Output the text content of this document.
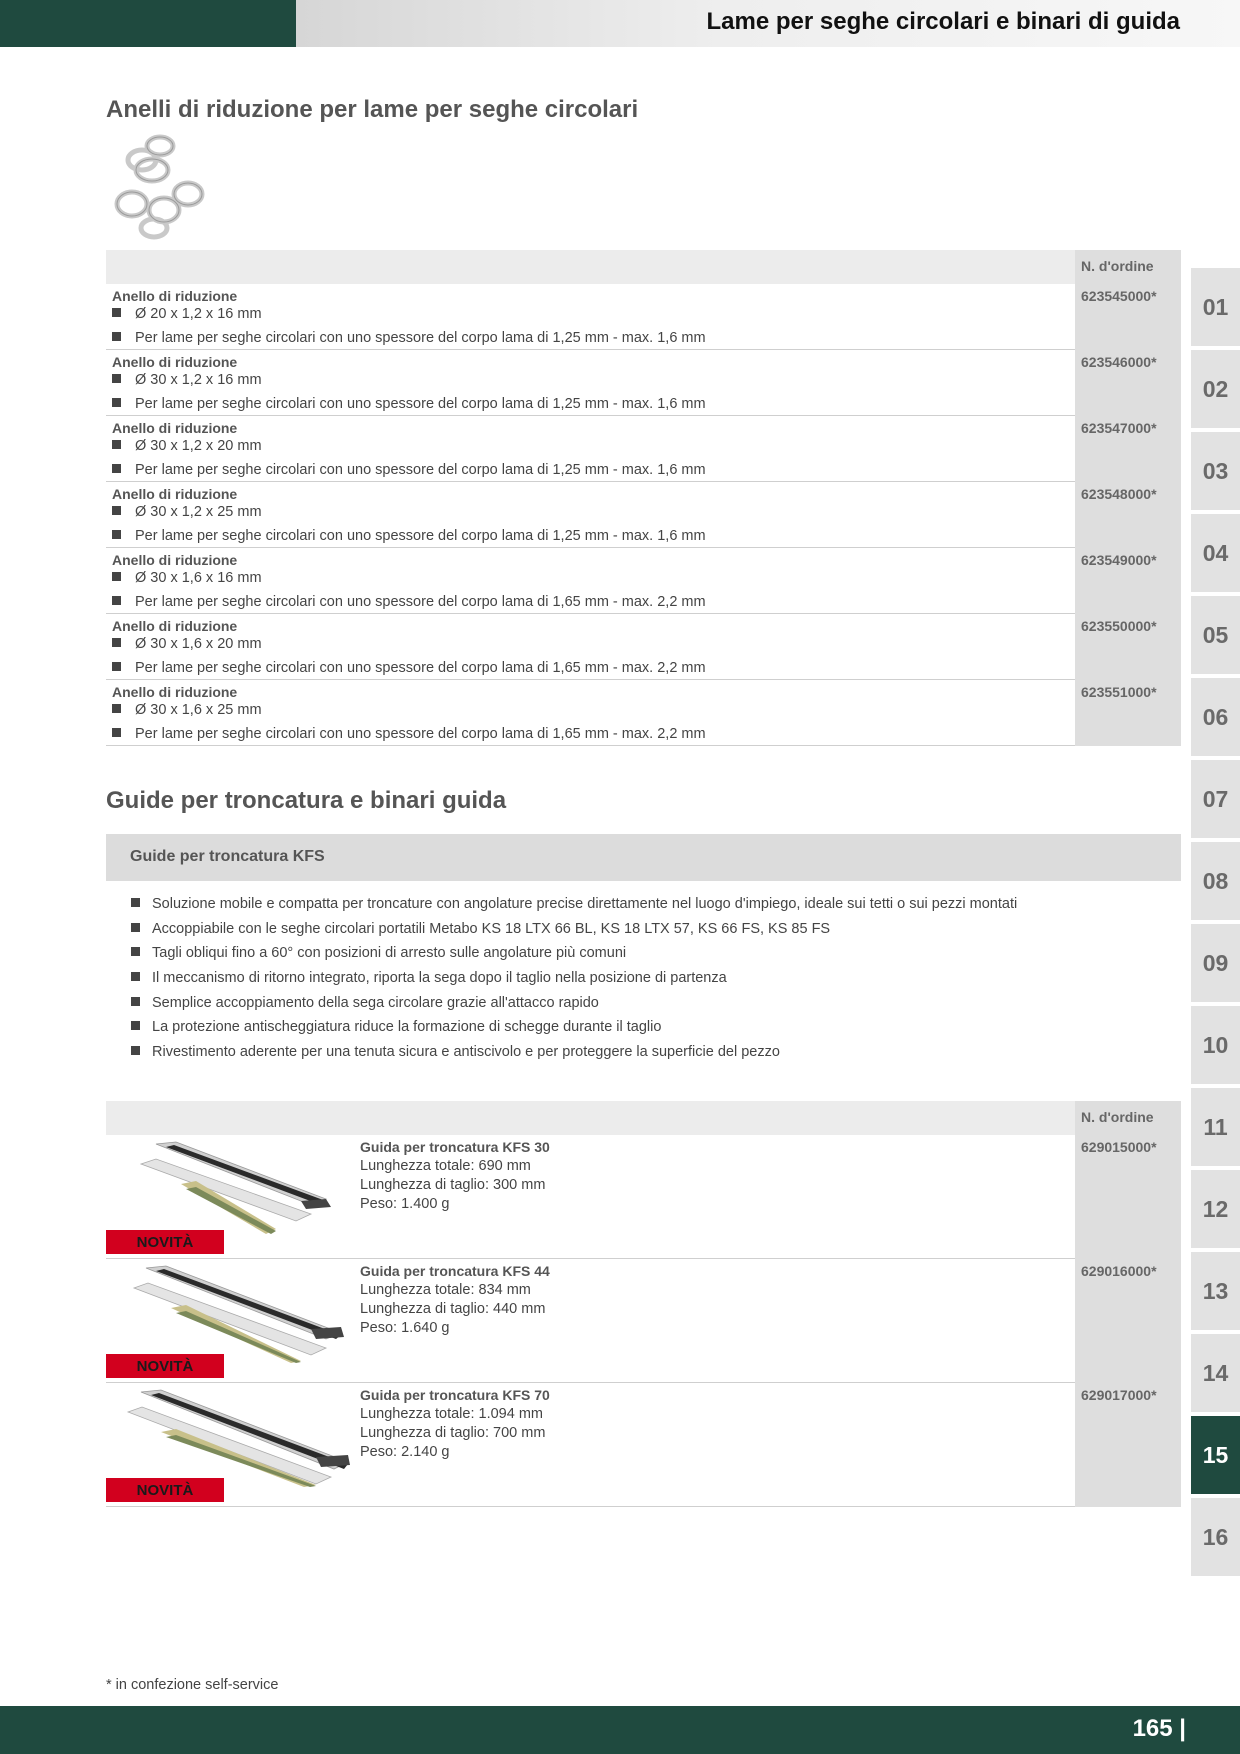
Lame per seghe circolari e binari di guida
Anelli di riduzione per lame per seghe circolari
N. d'ordine
Anello di riduzione
Ø 20 x 1,2 x 16 mm
Per lame per seghe circolari con uno spessore del corpo lama di 1,25 mm - max. 1,6 mm
623545000*
Anello di riduzione
Ø 30 x 1,2 x 16 mm
Per lame per seghe circolari con uno spessore del corpo lama di 1,25 mm - max. 1,6 mm
623546000*
Anello di riduzione
Ø 30 x 1,2 x 20 mm
Per lame per seghe circolari con uno spessore del corpo lama di 1,25 mm - max. 1,6 mm
623547000*
Anello di riduzione
Ø 30 x 1,2 x 25 mm
Per lame per seghe circolari con uno spessore del corpo lama di 1,25 mm - max. 1,6 mm
623548000*
Anello di riduzione
Ø 30 x 1,6 x 16 mm
Per lame per seghe circolari con uno spessore del corpo lama di 1,65 mm - max. 2,2 mm
623549000*
Anello di riduzione
Ø 30 x 1,6 x 20 mm
Per lame per seghe circolari con uno spessore del corpo lama di 1,65 mm - max. 2,2 mm
623550000*
Anello di riduzione
Ø 30 x 1,6 x 25 mm
Per lame per seghe circolari con uno spessore del corpo lama di 1,65 mm - max. 2,2 mm
623551000*
Guide per troncatura e binari guida
Guide per troncatura KFS
Soluzione mobile e compatta per troncature con angolature precise direttamente nel luogo d'impiego, ideale sui tetti o sui pezzi montati
Accoppiabile con le seghe circolari portatili Metabo KS 18 LTX 66 BL, KS 18 LTX 57, KS 66 FS, KS 85 FS
Tagli obliqui fino a 60° con posizioni di arresto sulle angolature più comuni
Il meccanismo di ritorno integrato, riporta la sega dopo il taglio nella posizione di partenza
Semplice accoppiamento della sega circolare grazie all'attacco rapido
La protezione antischeggiatura riduce la formazione di schegge durante il taglio
Rivestimento aderente per una tenuta sicura e antiscivolo e per proteggere la superficie del pezzo
N. d'ordine
NOVITÀ
Guida per troncatura KFS 30
Lunghezza totale: 690 mm
Lunghezza di taglio: 300 mm
Peso: 1.400 g
629015000*
NOVITÀ
Guida per troncatura KFS 44
Lunghezza totale: 834 mm
Lunghezza di taglio: 440 mm
Peso: 1.640 g
629016000*
NOVITÀ
Guida per troncatura KFS 70
Lunghezza totale: 1.094 mm
Lunghezza di taglio: 700 mm
Peso: 2.140 g
629017000*
01
02
03
04
05
06
07
08
09
10
11
12
13
14
15
16
* in confezione self-service
165 |
